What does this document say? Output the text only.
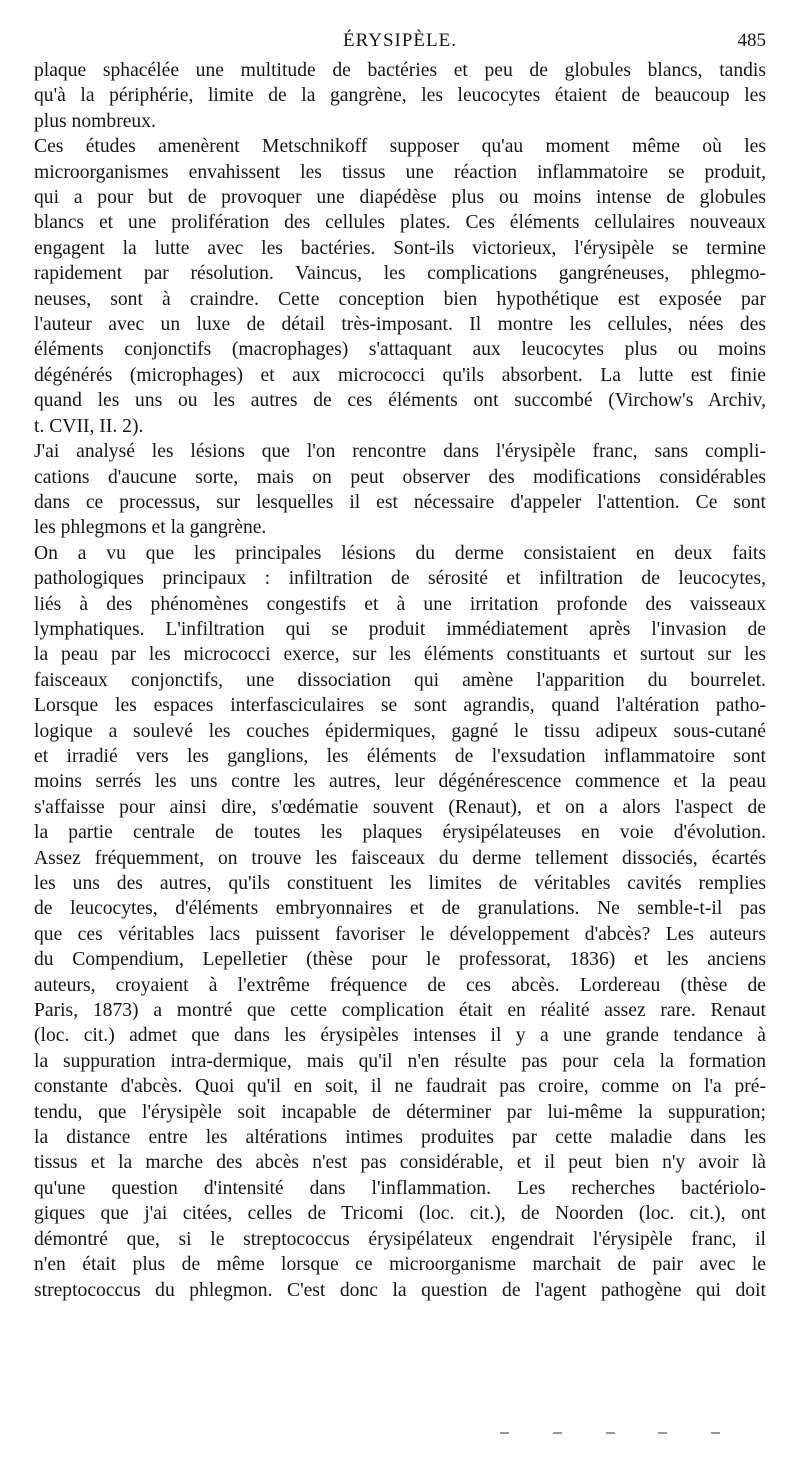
ÉRYSIPÈLE.	485

plaque sphacélée une multitude de bactéries et peu de globules blancs, tandis
qu'à la périphérie, limite de la gangrène, les leucocytes étaient de beaucoup les
plus nombreux.

Ces études amenèrent Metschnikoff supposer qu'au moment même où les
microorganismes envahissent les tissus une réaction inflammatoire se produit,
qui a pour but de provoquer une diapédèse plus ou moins intense de globules
blancs et une prolifération des cellules plates. Ces éléments cellulaires nouveaux
engagent la lutte avec les bactéries. Sont-ils victorieux, l'érysipèle se termine
rapidement par résolution. Vaincus, les complications gangréneuses, phlegmo-
neuses, sont à craindre. Cette conception bien hypothétique est exposée par
l'auteur avec un luxe de détail très-imposant. Il montre les cellules, nées des
éléments conjonctifs (macrophages) s'attaquant aux leucocytes plus ou moins
dégénérés (microphages) et aux micrococci qu'ils absorbent. La lutte est finie
quand les uns ou les autres de ces éléments ont succombé (Virchow's Archiv,
t. CVII, II. 2).

J'ai analysé les lésions que l'on rencontre dans l'érysipèle franc, sans compli-
cations d'aucune sorte, mais on peut observer des modifications considérables
dans ce processus, sur lesquelles il est nécessaire d'appeler l'attention. Ce sont
les phlegmons et la gangrène.

On a vu que les principales lésions du derme consistaient en deux faits
pathologiques principaux : infiltration de sérosité et infiltration de leucocytes,
liés à des phénomènes congestifs et à une irritation profonde des vaisseaux
lymphatiques. L'infiltration qui se produit immédiatement après l'invasion de
la peau par les micrococci exerce, sur les éléments constituants et surtout sur les
faisceaux conjonctifs, une dissociation qui amène l'apparition du bourrelet.
Lorsque les espaces interfasciculaires se sont agrandis, quand l'altération patho-
logique a soulevé les couches épidermiques, gagné le tissu adipeux sous-cutané
et irradié vers les ganglions, les éléments de l'exsudation inflammatoire sont
moins serrés les uns contre les autres, leur dégénérescence commence et la peau
s'affaisse pour ainsi dire, s'œdématie souvent (Renaut), et on a alors l'aspect de
la partie centrale de toutes les plaques érysipélateuses en voie d'évolution.
Assez fréquemment, on trouve les faisceaux du derme tellement dissociés, écartés
les uns des autres, qu'ils constituent les limites de véritables cavités remplies
de leucocytes, d'éléments embryonnaires et de granulations. Ne semble-t-il pas
que ces véritables lacs puissent favoriser le développement d'abcès? Les auteurs
du Compendium, Lepelletier (thèse pour le professorat, 1836) et les anciens
auteurs, croyaient à l'extrême fréquence de ces abcès. Lordereau (thèse de
Paris, 1873) a montré que cette complication était en réalité assez rare. Renaut
(loc. cit.) admet que dans les érysipèles intenses il y a une grande tendance à
la suppuration intra-dermique, mais qu'il n'en résulte pas pour cela la formation
constante d'abcès. Quoi qu'il en soit, il ne faudrait pas croire, comme on l'a pré-
tendu, que l'érysipèle soit incapable de déterminer par lui-même la suppuration;
la distance entre les altérations intimes produites par cette maladie dans les
tissus et la marche des abcès n'est pas considérable, et il peut bien n'y avoir là
qu'une question d'intensité dans l'inflammation. Les recherches bactériolo-
giques que j'ai citées, celles de Tricomi (loc. cit.), de Noorden (loc. cit.), ont
démontré que, si le streptococcus érysipélateux engendrait l'érysipèle franc, il
n'en était plus de même lorsque ce microorganisme marchait de pair avec le
streptococcus du phlegmon. C'est donc la question de l'agent pathogène qui doit
